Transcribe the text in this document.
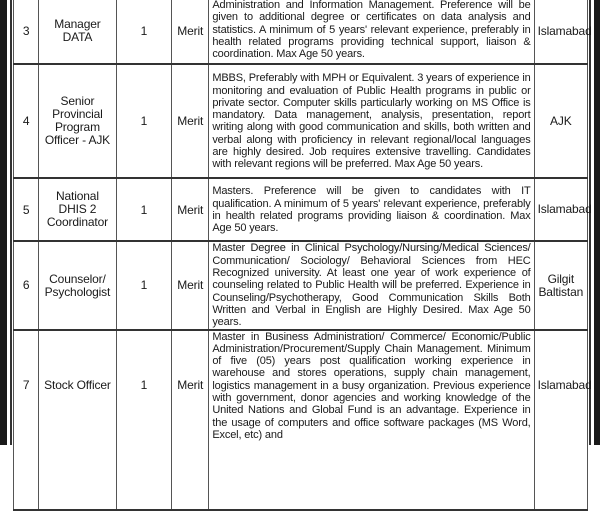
3	Manager DATA	1	Merit	Administration and Information Management. Preference will be given to additional degree or certificates on data analysis and statistics. A minimum of 5 years' relevant experience, preferably in health related programs providing technical support, liaison & coordination. Max Age 50 years.	Islamabad
4	Senior Provincial Program Officer - AJK	1	Merit	MBBS, Preferably with MPH or Equivalent. 3 years of experience in monitoring and evaluation of Public Health programs in public or private sector. Computer skills particularly working on MS Office is mandatory. Data management, analysis, presentation, report writing along with good communication and skills, both written and verbal along with proficiency in relevant regional/local languages are highly desired. Job requires extensive travelling. Candidates with relevant regions will be preferred. Max Age 50 years.	AJK
5	National DHIS 2 Coordinator	1	Merit	Masters. Preference will be given to candidates with IT qualification. A minimum of 5 years' relevant experience, preferably in health related programs providing liaison & coordination. Max Age 50 years.	Islamabad
6	Counselor/ Psychologist	1	Merit	Master Degree in Clinical Psychology/Nursing/Medical Sciences/ Communication/ Sociology/ Behavioral Sciences from HEC Recognized university. At least one year of work experience of counseling related to Public Health will be preferred. Experience in Counseling/Psychotherapy, Good Communication Skills Both Written and Verbal in English are Highly Desired. Max Age 50 years.	Gilgit Baltistan
7	Stock Officer	1	Merit	Master in Business Administration/ Commerce/ Economic/Public Administration/Procurement/Supply Chain Management. Minimum of five (05) years post qualification working experience in warehouse and stores operations, supply chain management, logistics management in a busy organization. Previous experience with government, donor agencies and working knowledge of the United Nations and Global Fund is an advantage. Experience in the usage of computers and office software packages (MS Word, Excel, etc) and	Islamabad
